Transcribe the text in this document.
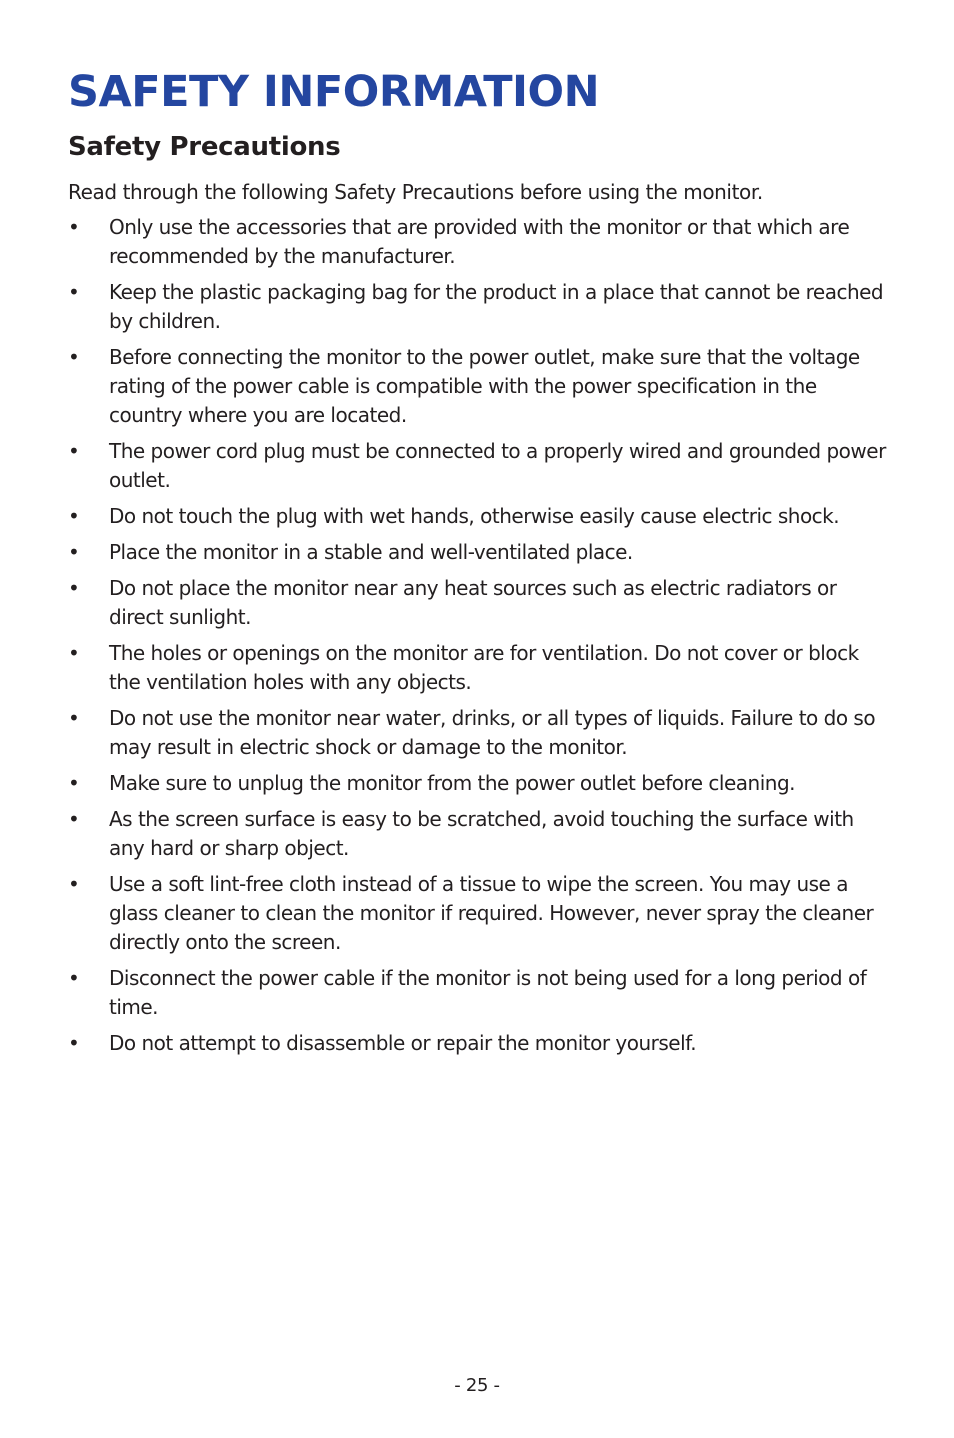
SAFETY INFORMATION
Safety Precautions

Read through the following Safety Precautions before using the monitor.

• Only use the accessories that are provided with the monitor or that which are recommended by the manufacturer.
• Keep the plastic packaging bag for the product in a place that cannot be reached by children.
• Before connecting the monitor to the power outlet, make sure that the voltage rating of the power cable is compatible with the power specification in the country where you are located.
• The power cord plug must be connected to a properly wired and grounded power outlet.
• Do not touch the plug with wet hands, otherwise easily cause electric shock.
• Place the monitor in a stable and well-ventilated place.
• Do not place the monitor near any heat sources such as electric radiators or direct sunlight.
• The holes or openings on the monitor are for ventilation. Do not cover or block the ventilation holes with any objects.
• Do not use the monitor near water, drinks, or all types of liquids. Failure to do so may result in electric shock or damage to the monitor.
• Make sure to unplug the monitor from the power outlet before cleaning.
• As the screen surface is easy to be scratched, avoid touching the surface with any hard or sharp object.
• Use a soft lint-free cloth instead of a tissue to wipe the screen. You may use a glass cleaner to clean the monitor if required. However, never spray the cleaner directly onto the screen.
• Disconnect the power cable if the monitor is not being used for a long period of time.
• Do not attempt to disassemble or repair the monitor yourself.
- 25 -
